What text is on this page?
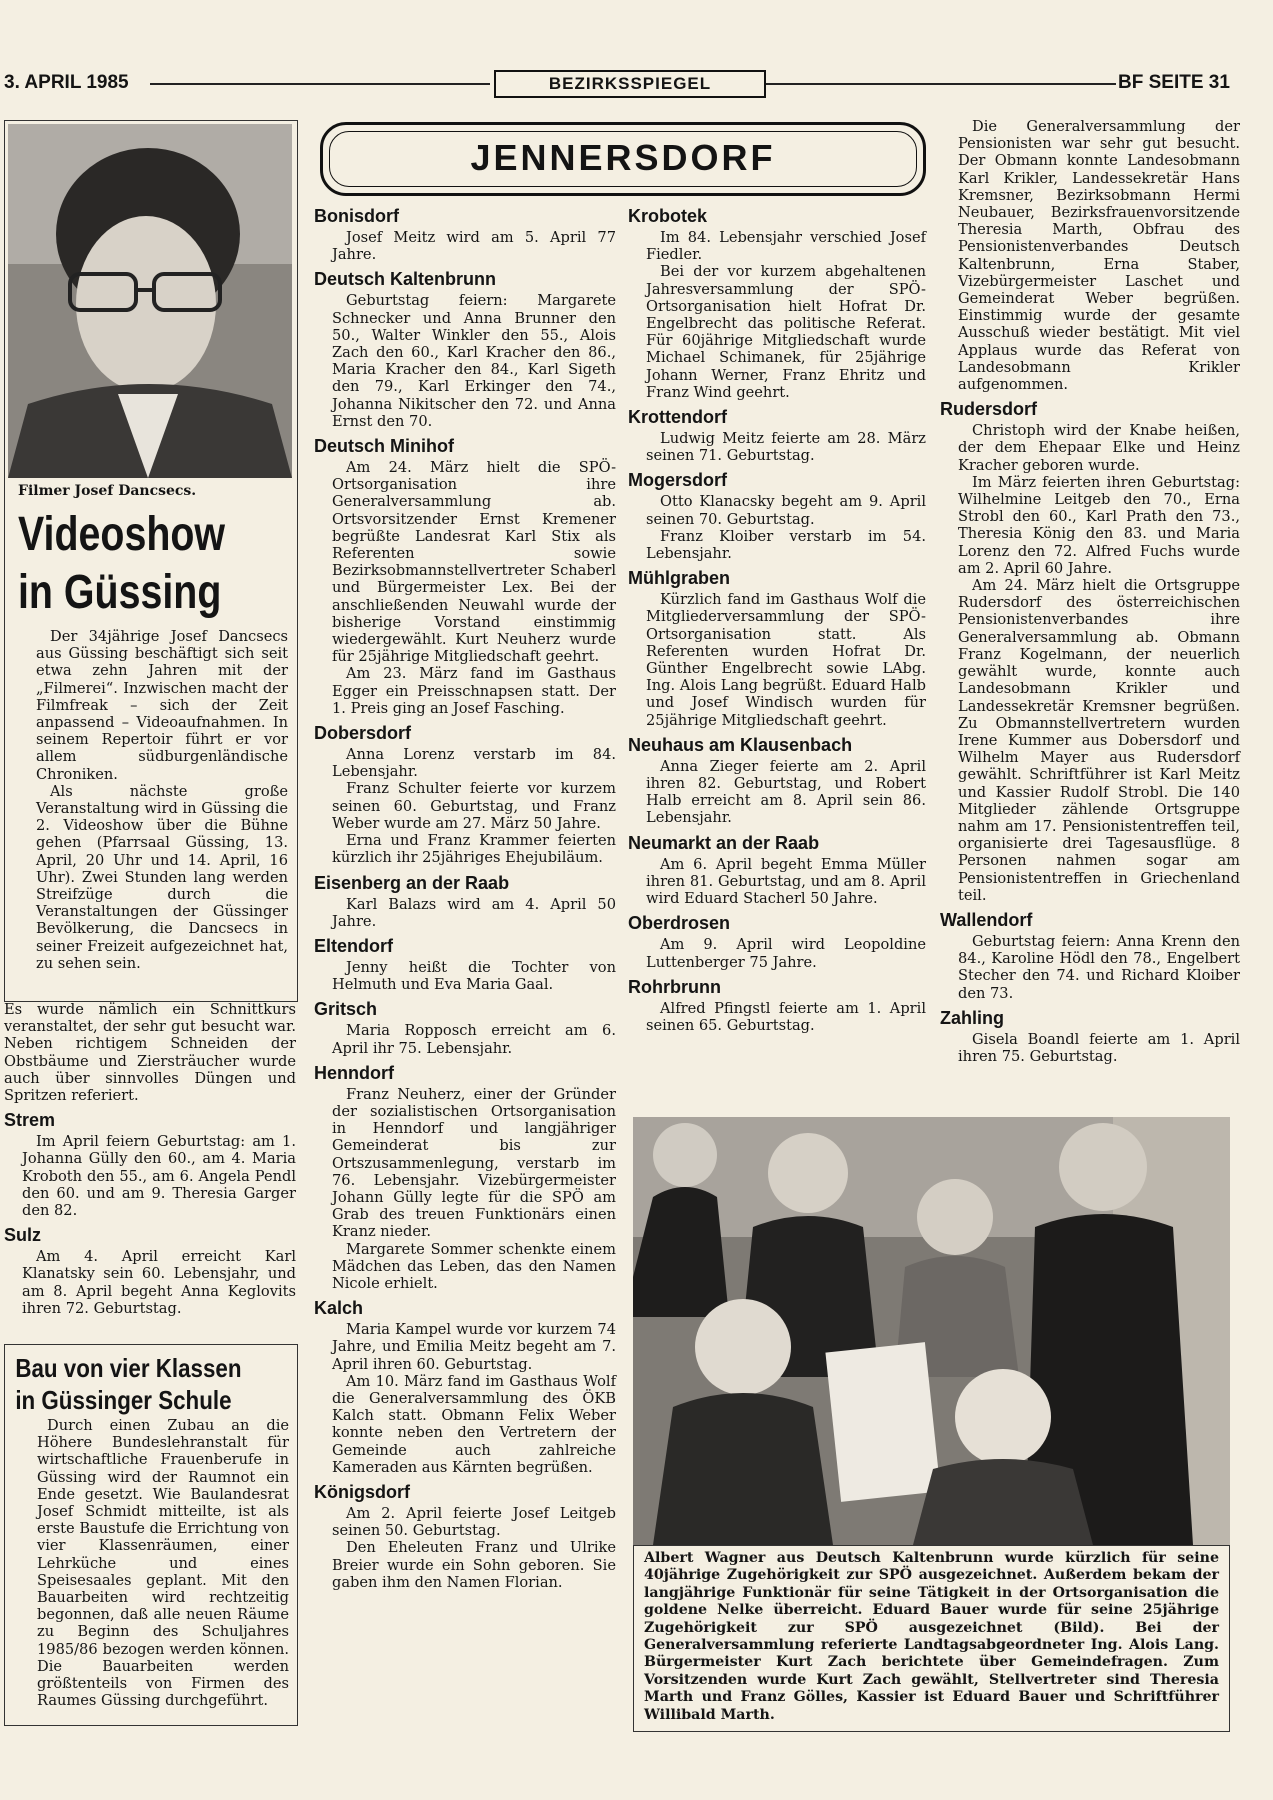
3. APRIL 1985	BEZIRKSSPIEGEL	BF SEITE 31
Filmer Josef Dancsecs.
Videoshow
in Güssing

Der 34jährige Josef Dancsecs aus Güssing beschäftigt sich seit etwa zehn Jahren mit der „Filmerei“. Inzwischen macht der Filmfreak – sich der Zeit anpassend – Videoaufnahmen. In seinem Repertoir führt er vor allem südburgenländische Chroniken.

Als nächste große Veranstaltung wird in Güssing die 2. Videoshow über die Bühne gehen (Pfarrsaal Güssing, 13. April, 20 Uhr und 14. April, 16 Uhr). Zwei Stunden lang werden Streifzüge durch die Veranstaltungen der Güssinger Bevölkerung, die Dancsecs in seiner Freizeit aufgezeichnet hat, zu sehen sein.

Es wurde nämlich ein Schnittkurs veranstaltet, der sehr gut besucht war. Neben richtigem Schneiden der Obstbäume und Ziersträucher wurde auch über sinnvolles Düngen und Spritzen referiert.

Strem

Im April feiern Geburtstag: am 1. Johanna Gülly den 60., am 4. Maria Kroboth den 55., am 6. Angela Pendl den 60. und am 9. Theresia Garger den 82.

Sulz

Am 4. April erreicht Karl Klanatsky sein 60. Lebensjahr, und am 8. April begeht Anna Keglovits ihren 72. Geburtstag.

Bau von vier Klassen
in Güssinger Schule

Durch einen Zubau an die Höhere Bundeslehranstalt für wirtschaftliche Frauenberufe in Güssing wird der Raumnot ein Ende gesetzt. Wie Baulandesrat Josef Schmidt mitteilte, ist als erste Baustufe die Errichtung von vier Klassenräumen, einer Lehrküche und eines Speisesaales geplant. Mit den Bauarbeiten wird rechtzeitig begonnen, daß alle neuen Räume zu Beginn des Schuljahres 1985/86 bezogen werden können. Die Bauarbeiten werden größtenteils von Firmen des Raumes Güssing durchgeführt.

JENNERSDORF
Bonisdorf

Josef Meitz wird am 5. April 77 Jahre.

Deutsch Kaltenbrunn

Geburtstag feiern: Margarete Schnecker und Anna Brunner den 50., Walter Winkler den 55., Alois Zach den 60., Karl Kracher den 86., Maria Kracher den 84., Karl Sigeth den 79., Karl Erkinger den 74., Johanna Nikitscher den 72. und Anna Ernst den 70.

Deutsch Minihof

Am 24. März hielt die SPÖ-Ortsorganisation ihre Generalversammlung ab. Ortsvorsitzender Ernst Kremener begrüßte Landesrat Karl Stix als Referenten sowie Bezirksobmannstellvertreter Schaberl und Bürgermeister Lex. Bei der anschließenden Neuwahl wurde der bisherige Vorstand einstimmig wiedergewählt. Kurt Neuherz wurde für 25jährige Mitgliedschaft geehrt.

Am 23. März fand im Gasthaus Egger ein Preisschnapsen statt. Der 1. Preis ging an Josef Fasching.

Dobersdorf

Anna Lorenz verstarb im 84. Lebensjahr.

Franz Schulter feierte vor kurzem seinen 60. Geburtstag, und Franz Weber wurde am 27. März 50 Jahre.

Erna und Franz Krammer feierten kürzlich ihr 25jähriges Ehejubiläum.

Eisenberg an der Raab

Karl Balazs wird am 4. April 50 Jahre.

Eltendorf

Jenny heißt die Tochter von Helmuth und Eva Maria Gaal.

Gritsch

Maria Ropposch erreicht am 6. April ihr 75. Lebensjahr.

Henndorf

Franz Neuherz, einer der Gründer der sozialistischen Ortsorganisation in Henndorf und langjähriger Gemeinderat bis zur Ortszusammenlegung, verstarb im 76. Lebensjahr. Vizebürgermeister Johann Gülly legte für die SPÖ am Grab des treuen Funktionärs einen Kranz nieder.

Margarete Sommer schenkte einem Mädchen das Leben, das den Namen Nicole erhielt.

Kalch

Maria Kampel wurde vor kurzem 74 Jahre, und Emilia Meitz begeht am 7. April ihren 60. Geburtstag.

Am 10. März fand im Gasthaus Wolf die Generalversammlung des ÖKB Kalch statt. Obmann Felix Weber konnte neben den Vertretern der Gemeinde auch zahlreiche Kameraden aus Kärnten begrüßen.

Königsdorf

Am 2. April feierte Josef Leitgeb seinen 50. Geburtstag.

Den Eheleuten Franz und Ulrike Breier wurde ein Sohn geboren. Sie gaben ihm den Namen Florian.

Krobotek

Im 84. Lebensjahr verschied Josef Fiedler.

Bei der vor kurzem abgehaltenen Jahresversammlung der SPÖ-Ortsorganisation hielt Hofrat Dr. Engelbrecht das politische Referat. Für 60jährige Mitgliedschaft wurde Michael Schimanek, für 25jährige Johann Werner, Franz Ehritz und Franz Wind geehrt.

Krottendorf

Ludwig Meitz feierte am 28. März seinen 71. Geburtstag.

Mogersdorf

Otto Klanacsky begeht am 9. April seinen 70. Geburtstag.

Franz Kloiber verstarb im 54. Lebensjahr.

Mühlgraben

Kürzlich fand im Gasthaus Wolf die Mitgliederversammlung der SPÖ-Ortsorganisation statt. Als Referenten wurden Hofrat Dr. Günther Engelbrecht sowie LAbg. Ing. Alois Lang begrüßt. Eduard Halb und Josef Windisch wurden für 25jährige Mitgliedschaft geehrt.

Neuhaus am Klausenbach

Anna Zieger feierte am 2. April ihren 82. Geburtstag, und Robert Halb erreicht am 8. April sein 86. Lebensjahr.

Neumarkt an der Raab

Am 6. April begeht Emma Müller ihren 81. Geburtstag, und am 8. April wird Eduard Stacherl 50 Jahre.

Oberdrosen

Am 9. April wird Leopoldine Luttenberger 75 Jahre.

Rohrbrunn

Alfred Pfingstl feierte am 1. April seinen 65. Geburtstag.

Die Generalversammlung der Pensionisten war sehr gut besucht. Der Obmann konnte Landesobmann Karl Krikler, Landessekretär Hans Kremsner, Bezirksobmann Hermi Neubauer, Bezirksfrauenvorsitzende Theresia Marth, Obfrau des Pensionistenverbandes Deutsch Kaltenbrunn, Erna Staber, Vizebürgermeister Laschet und Gemeinderat Weber begrüßen. Einstimmig wurde der gesamte Ausschuß wieder bestätigt. Mit viel Applaus wurde das Referat von Landesobmann Krikler aufgenommen.

Rudersdorf

Christoph wird der Knabe heißen, der dem Ehepaar Elke und Heinz Kracher geboren wurde.

Im März feierten ihren Geburtstag: Wilhelmine Leitgeb den 70., Erna Strobl den 60., Karl Prath den 73., Theresia König den 83. und Maria Lorenz den 72. Alfred Fuchs wurde am 2. April 60 Jahre.

Am 24. März hielt die Ortsgruppe Rudersdorf des österreichischen Pensionistenverbandes ihre Generalversammlung ab. Obmann Franz Kogelmann, der neuerlich gewählt wurde, konnte auch Landesobmann Krikler und Landessekretär Kremsner begrüßen. Zu Obmannstellvertretern wurden Irene Kummer aus Dobersdorf und Wilhelm Mayer aus Rudersdorf gewählt. Schriftführer ist Karl Meitz und Kassier Rudolf Strobl. Die 140 Mitglieder zählende Ortsgruppe nahm am 17. Pensionistentreffen teil, organisierte drei Tagesausflüge. 8 Personen nahmen sogar am Pensionistentreffen in Griechenland teil.

Wallendorf

Geburtstag feiern: Anna Krenn den 84., Karoline Hödl den 78., Engelbert Stecher den 74. und Richard Kloiber den 73.

Zahling

Gisela Boandl feierte am 1. April ihren 75. Geburtstag.

Albert Wagner aus Deutsch Kaltenbrunn wurde kürzlich für seine 40jährige Zugehörigkeit zur SPÖ ausgezeichnet. Außerdem bekam der langjährige Funktionär für seine Tätigkeit in der Ortsorganisation die goldene Nelke überreicht. Eduard Bauer wurde für seine 25jährige Zugehörigkeit zur SPÖ ausgezeichnet (Bild). Bei der Generalversammlung referierte Landtagsabgeordneter Ing. Alois Lang. Bürgermeister Kurt Zach berichtete über Gemeindefragen. Zum Vorsitzenden wurde Kurt Zach gewählt, Stellvertreter sind Theresia Marth und Franz Gölles, Kassier ist Eduard Bauer und Schriftführer Willibald Marth.
